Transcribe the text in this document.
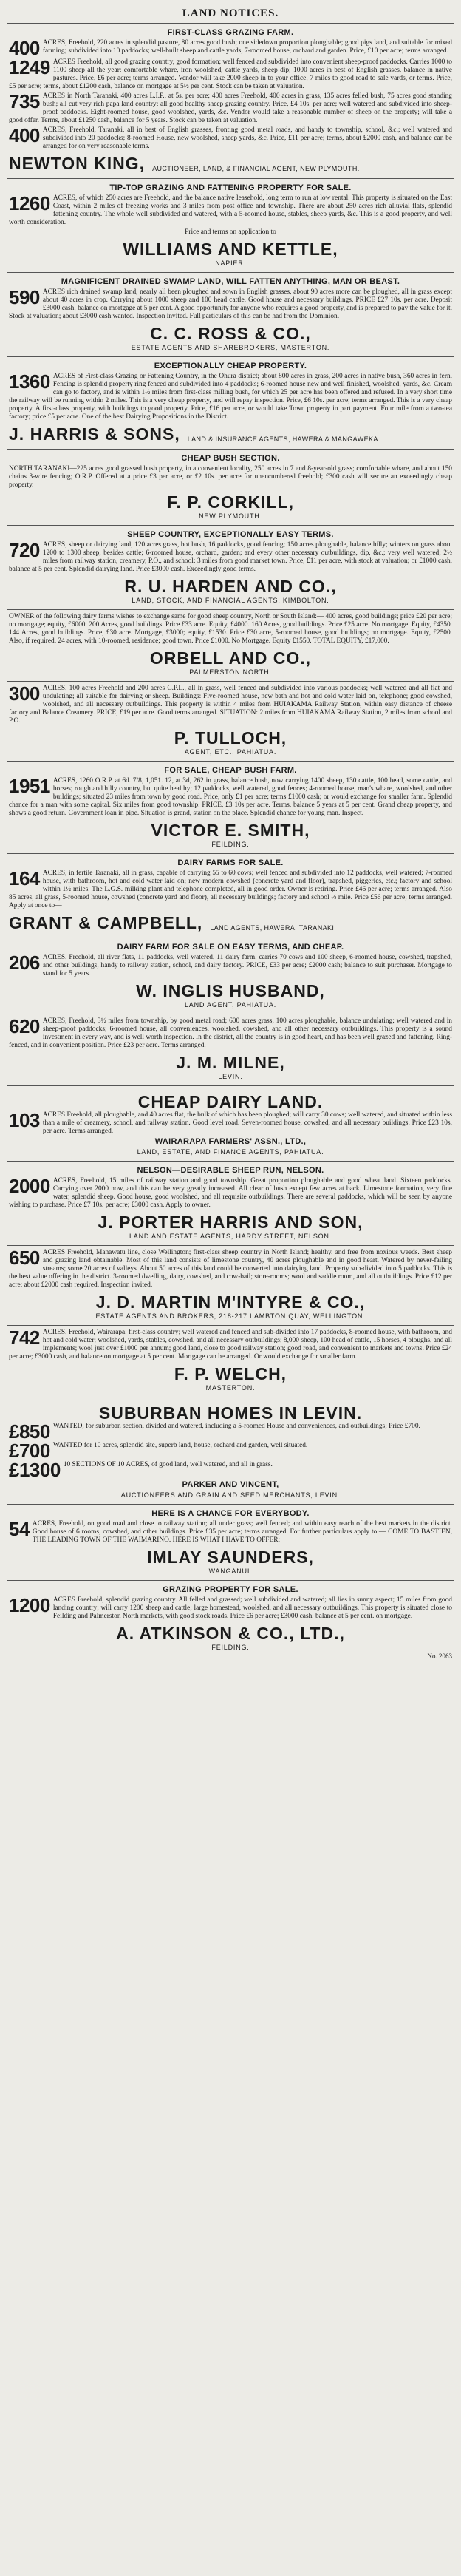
LAND NOTICES.
FIRST-CLASS GRAZING FARM.
400 ACRES, Freehold, 220 acres in splendid pasture, 80 acres good bush; one sidedown proportion ploughable; good pigs land, and suitable for mixed farming; subdivided into 10 paddocks; well-built sheep and cattle yards, 7-roomed house, orchard and garden. Price, £10 per acre; terms arranged.
1249 ACRES Freehold, all good grazing country, good formation; well fenced and subdivided into convenient sheep-proof paddocks. Carries 1000 to 1100 sheep all the year; comfortable whare, iron woolshed, cattle yards, sheep dip; 1000 acres in best of English grasses, balance in native pastures. Price, £6 per acre; terms arranged. Vendor will take 2000 sheep in to your office, 7 miles to good road to sale yards, or terms. Price, £5 per acre; terms, about £1200 cash, balance on mortgage at 5½ per cent. Stock can be taken at valuation.
735 ACRES in North Taranaki, 400 acres L.I.P., at 5s. per acre; 400 acres Freehold, 400 acres in grass, 135 acres felled bush, 75 acres good standing bush; all cut very rich papa land country; all good healthy sheep grazing country. Price, £4 10s. per acre; well watered and subdivided into sheep-proof paddocks. Eight-roomed house, good woolshed, yards, &c. Vendor would take a reasonable number of sheep on the property; will take a good offer. Terms, about £1250 cash, balance for 5 years. Stock can be taken at valuation.
400 ACRES, Freehold, Taranaki, all in best of English grasses, fronting good metal roads, and handy to township, school, &c.; well watered and subdivided into 20 paddocks; 8-roomed House, new woolshed, sheep yards, &c. Price, £11 per acre; terms, about £2000 cash, and balance can be arranged for on very reasonable terms.
NEWTON KING, AUCTIONEER, LAND, & FINANCIAL AGENT, NEW PLYMOUTH.
TIP-TOP GRAZING AND FATTENING PROPERTY FOR SALE.
1260 ACRES, of which 250 acres are Freehold, and the balance native leasehold, long term to run at low rental. This property is situated on the East Coast, within 2 miles of freezing works and 3 miles from post office and township. There are about 250 acres rich alluvial flats, splendid fattening country. The whole well subdivided and watered, with a 5-roomed house, stables, sheep yards, &c. This is a good property, and well worth consideration.
Price and terms on application to
WILLIAMS AND KETTLE,
NAPIER.
MAGNIFICENT DRAINED SWAMP LAND, WILL FATTEN ANYTHING, MAN OR BEAST.
590 ACRES rich drained swamp land, nearly all been ploughed and sown in English grasses, about 90 acres more can be ploughed, all in grass except about 40 acres in crop. Carrying about 1000 sheep and 100 head cattle. Good house and necessary buildings. PRICE £27 10s. per acre. Deposit £3000 cash, balance on mortgage at 5 per cent. A good opportunity for anyone who requires a good property, and is prepared to pay the value for it. Stock at valuation; about £3000 cash wanted. Inspection invited. Full particulars of this can be had from the Dominion.
C. C. ROSS & CO.,
ESTATE AGENTS AND SHAREBROKERS, MASTERTON.
EXCEPTIONALLY CHEAP PROPERTY.
1360 ACRES of First-class Grazing or Fattening Country, in the Ohura district; about 800 acres in grass, 200 acres in native bush, 360 acres in fern. Fencing is splendid property ring fenced and subdivided into 4 paddocks; 6-roomed house new and well finished, woolshed, yards, &c. Cream can go to factory, and is within 1½ miles from first-class milling bush, for which 25 per acre has been offered and refused. In a very short time the railway will be running within 2 miles. This is a very cheap property, and will repay inspection. Price, £6 10s. per acre; terms arranged. This is a very cheap property. A first-class property, with buildings to good property. Price, £16 per acre, or would take Town property in part payment. Four mile from a two-tea factory; price £5 per acre. One of the best Dairying Propositions in the District.
J. HARRIS & SONS, LAND & INSURANCE AGENTS, HAWERA & MANGAWEKA.
CHEAP BUSH SECTION.
NORTH TARANAKI—225 acres good grassed bush property, in a convenient locality, 250 acres in 7 and 8-year-old grass; comfortable whare, and about 150 chains 3-wire fencing; O.R.P. Offered at a price £3 per acre, or £2 10s. per acre for unencumbered freehold; £300 cash will secure an exceedingly cheap property.
F. P. CORKILL,
NEW PLYMOUTH.
SHEEP COUNTRY, EXCEPTIONALLY EASY TERMS.
720 ACRES, sheep or dairying land, 120 acres grass, hot bush, 16 paddocks, good fencing; 150 acres ploughable, balance hilly; winters on grass about 1200 to 1300 sheep, besides cattle; 6-roomed house, orchard, garden; and every other necessary outbuildings, dip, &c.; very well watered; 2½ miles from railway station, creamery, P.O., and school; 3 miles from good market town. Price, £11 per acre, with stock at valuation; or £1000 cash, balance at 5 per cent. Splendid dairying land. Price £3000 cash. Exceedingly good terms.
R. U. HARDEN AND CO.,
LAND, STOCK, AND FINANCIAL AGENTS, KIMBOLTON.
OWNER of the following dairy farms wishes to exchange same for good sheep country, North or South Island:— 400 acres, good buildings; price £20 per acre; no mortgage; equity, £6000. 200 Acres, good buildings. Price £33 acre. Equity, £4000. 160 Acres, good buildings. Price £25 acre. No mortgage. Equity, £4350. 144 Acres, good buildings. Price, £30 acre. Mortgage, £3000; equity, £1530. Price £30 acre, 5-roomed house, good buildings; no mortgage. Equity, £2500. Also, if required, 24 acres, with 10-roomed, residence; good town. Price £1000. No Mortgage. Equity £1550. TOTAL EQUITY, £17,000.
ORBELL AND CO.,
PALMERSTON NORTH.
300 ACRES, 100 acres Freehold and 200 acres C.P.L., all in grass, well fenced and subdivided into various paddocks; well watered and all flat and undulating; all suitable for dairying or sheep. Buildings: Five-roomed house, new bath and hot and cold water laid on, telephone; good cowshed, woolshed, and all necessary outbuildings. This property is within 4 miles from HUIAKAMA Railway Station, within easy distance of cheese factory and Balance Creamery. PRICE, £19 per acre. Good terms arranged. SITUATION: 2 miles from HUIAKAMA Railway Station, 2 miles from school and P.O.
P. TULLOCH,
AGENT, ETC., PAHIATUA.
FOR SALE, CHEAP BUSH FARM.
1951 ACRES, 1260 O.R.P. at 6d. 7/8, 1,051. 12, at 3d, 262 in grass, balance bush, now carrying 1400 sheep, 130 cattle, 100 head, some cattle, and horses; rough and hilly country, but quite healthy; 12 paddocks, well watered, good fences; 4-roomed house, man's whare, woolshed, and other buildings; situated 23 miles from town by good road. Price, only £1 per acre; terms £1000 cash; or would exchange for smaller farm. Splendid chance for a man with some capital. Six miles from good township. PRICE, £3 10s per acre. Terms, balance 5 years at 5 per cent. Grand cheap property, and shows a good return. Government loan in pipe. Situation is grand, station on the place. Splendid chance for young man. Inspect.
VICTOR E. SMITH,
FEILDING.
DAIRY FARMS FOR SALE.
164 ACRES, in fertile Taranaki, all in grass, capable of carrying 55 to 60 cows; well fenced and subdivided into 12 paddocks, well watered; 7-roomed house, with bathroom, hot and cold water laid on; new modern cowshed (concrete yard and floor), trapshed, piggeries, etc.; factory and school within 1½ miles. The L.G.S. milking plant and telephone completed, all in good order. Owner is retiring. Price £46 per acre; terms arranged. Also 85 acres, all grass, 5-roomed house, cowshed (concrete yard and floor), all necessary buildings; factory and school ½ mile. Price £56 per acre; terms arranged. Apply at once to—
GRANT & CAMPBELL, LAND AGENTS, HAWERA, TARANAKI.
DAIRY FARM FOR SALE ON EASY TERMS, AND CHEAP.
206 ACRES, Freehold, all river flats, 11 paddocks, well watered, 11 dairy farm, carries 70 cows and 100 sheep, 6-roomed house, cowshed, trapshed, and other buildings, handy to railway station, school, and dairy factory. PRICE, £33 per acre; £2000 cash; balance to suit purchaser. Mortgage to stand for 5 years.
W. INGLIS HUSBAND,
LAND AGENT, PAHIATUA.
620 ACRES, Freehold, 3½ miles from township, by good metal road; 600 acres grass, 100 acres ploughable, balance undulating; well watered and in sheep-proof paddocks; 6-roomed house, all conveniences, woolshed, cowshed, and all other necessary outbuildings. This property is a sound investment in every way, and is well worth inspection. In the district, all the country is in good heart, and has been well grazed and fattening. Ring-fenced, and in convenient position. Price £23 per acre. Terms arranged.
J. M. MILNE,
LEVIN.
CHEAP DAIRY LAND.
103 ACRES Freehold, all ploughable, and 40 acres flat, the bulk of which has been ploughed; will carry 30 cows; well watered, and situated within less than a mile of creamery, school, and railway station. Good level road. Seven-roomed house, cowshed, and all necessary buildings. Price £23 10s. per acre. Terms arranged.
WAIRARAPA FARMERS' ASSN., LTD.,
LAND, ESTATE, AND FINANCE AGENTS, PAHIATUA.
NELSON—DESIRABLE SHEEP RUN, NELSON.
2000 ACRES, Freehold, 15 miles of railway station and good township. Great proportion ploughable and good wheat land. Sixteen paddocks. Carrying over 2000 now, and this can be very greatly increased. All clear of bush except few acres at back. Limestone formation, very fine water, splendid sheep. Good house, good woolshed, and all requisite outbuildings. There are several paddocks, which will be seen by anyone wishing to purchase. Price £7 10s. per acre; £3000 cash. Apply to owner.
J. PORTER HARRIS AND SON,
LAND AND ESTATE AGENTS, HARDY STREET, NELSON.
650 ACRES Freehold, Manawatu line, close Wellington; first-class sheep country in North Island; healthy, and free from noxious weeds. Best sheep and grazing land obtainable. Most of this land consists of limestone country, 40 acres ploughable and in good heart. Watered by never-failing streams; some 20 acres of valleys. About 50 acres of this land could be converted into dairying land. Property sub-divided into 5 paddocks. This is the best value offering in the district. 3-roomed dwelling, dairy, cowshed, and cow-bail; store-rooms; wool and saddle room, and all outbuildings. Price £12 per acre; about £2000 cash required. Inspection invited.
J. D. MARTIN M'INTYRE & CO.,
ESTATE AGENTS AND BROKERS, 218-217 LAMBTON QUAY, WELLINGTON.
742 ACRES, Freehold, Wairarapa, first-class country; well watered and fenced and sub-divided into 17 paddocks, 8-roomed house, with bathroom, and hot and cold water; woolshed, yards, stables, cowshed, and all necessary outbuildings; 8,000 sheep, 100 head of cattle, 15 horses, 4 ploughs, and all implements; wool just over £1000 per annum; good land, close to good railway station; good road, and convenient to markets and towns. Price £24 per acre; £3000 cash, and balance on mortgage at 5 per cent. Mortgage can be arranged. Or would exchange for smaller farm.
F. P. WELCH,
MASTERTON.
SUBURBAN HOMES IN LEVIN.
£850 WANTED, for suburban section, divided and watered, including a 5-roomed House and conveniences, and outbuildings; Price £700.
£700 WANTED for 10 acres, splendid site, superb land, house, orchard and garden, well situated.
£1300 10 SECTIONS OF 10 ACRES, of good land, well watered, and all in grass.
PARKER AND VINCENT,
AUCTIONEERS AND GRAIN AND SEED MERCHANTS, LEVIN.
HERE IS A CHANCE FOR EVERYBODY.
54 ACRES, Freehold, on good road and close to railway station; all under grass; well fenced; and within easy reach of the best markets in the district. Good house of 6 rooms, cowshed, and other buildings. Price £35 per acre; terms arranged. For further particulars apply to:— COME TO BASTIEN, THE LEADING TOWN OF THE WAIMARINO. HERE IS WHAT I HAVE TO OFFER:
IMLAY SAUNDERS,
WANGANUI.
GRAZING PROPERTY FOR SALE.
1200 ACRES Freehold, splendid grazing country. All felled and grassed; well subdivided and watered; all lies in sunny aspect; 15 miles from good landing country; will carry 1200 sheep and cattle; large homestead, woolshed, and all necessary outbuildings. This property is situated close to Feilding and Palmerston North markets, with good stock roads. Price £6 per acre; £3000 cash, balance at 5 per cent. on mortgage.
A. ATKINSON & CO., LTD.,
FEILDING.
No. 2063
